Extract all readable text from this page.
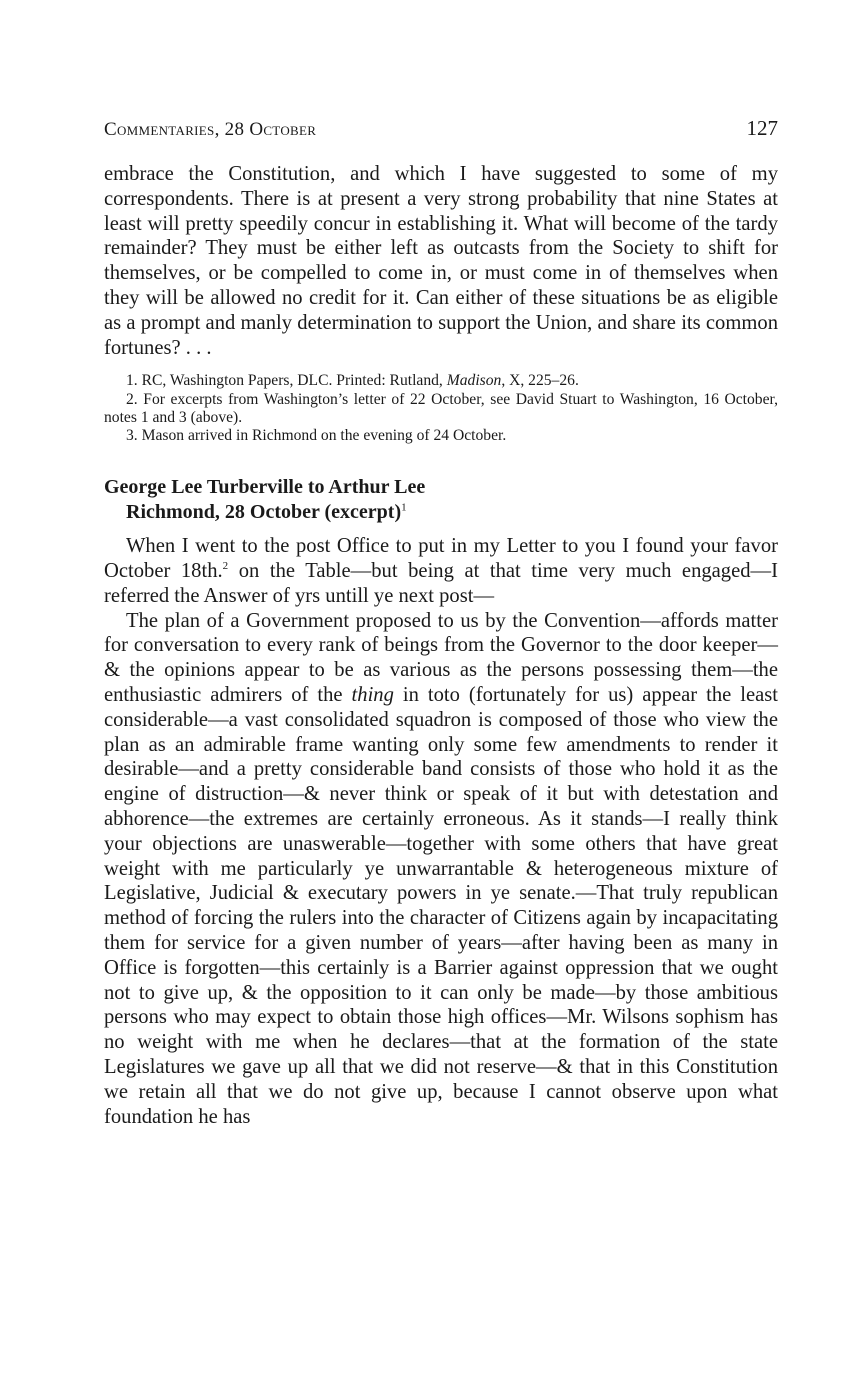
Commentaries, 28 October	127

embrace the Constitution, and which I have suggested to some of my correspondents. There is at present a very strong probability that nine States at least will pretty speedily concur in establishing it. What will become of the tardy remainder? They must be either left as outcasts from the Society to shift for themselves, or be compelled to come in, or must come in of themselves when they will be allowed no credit for it. Can either of these situations be as eligible as a prompt and manly determination to support the Union, and share its common fortunes? . . .

1. RC, Washington Papers, DLC. Printed: Rutland, Madison, X, 225–26.

2. For excerpts from Washington’s letter of 22 October, see David Stuart to Washington, 16 October, notes 1 and 3 (above).

3. Mason arrived in Richmond on the evening of 24 October.

George Lee Turberville to Arthur Lee
Richmond, 28 October (excerpt)$^1$

When I went to the post Office to put in my Letter to you I found your favor October 18th.$^2$ on the Table—but being at that time very much engaged—I referred the Answer of yrs untill ye next post—

The plan of a Government proposed to us by the Convention—affords matter for conversation to every rank of beings from the Governor to the door keeper—& the opinions appear to be as various as the persons possessing them—the enthusiastic admirers of the thing in toto (fortunately for us) appear the least considerable—a vast consolidated squadron is composed of those who view the plan as an admirable frame wanting only some few amendments to render it desirable—and a pretty considerable band consists of those who hold it as the engine of distruction—& never think or speak of it but with detestation and abhorence—the extremes are certainly erroneous. As it stands—I really think your objections are unaswerable—together with some others that have great weight with me particularly ye unwarrantable & heterogeneous mixture of Legislative, Judicial & executary powers in ye senate.—That truly republican method of forcing the rulers into the character of Citizens again by incapacitating them for service for a given number of years—after having been as many in Office is forgotten—this certainly is a Barrier against oppression that we ought not to give up, & the opposition to it can only be made—by those ambitious persons who may expect to obtain those high offices—Mr. Wilsons sophism has no weight with me when he declares—that at the formation of the state Legislatures we gave up all that we did not reserve—& that in this Constitution we retain all that we do not give up, because I cannot observe upon what foundation he has
